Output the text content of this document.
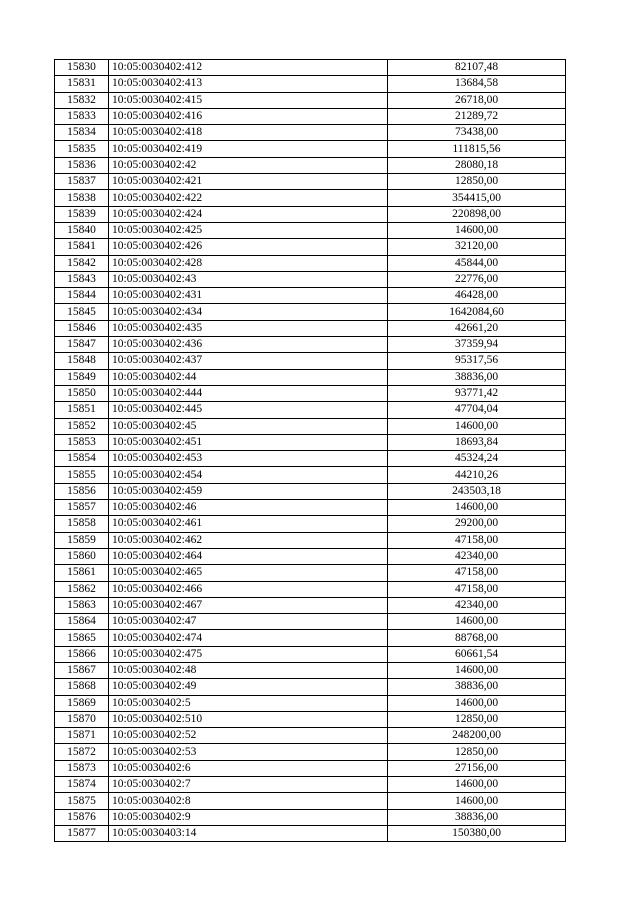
15830	10:05:0030402:412	82107,48
15831	10:05:0030402:413	13684,58
15832	10:05:0030402:415	26718,00
15833	10:05:0030402:416	21289,72
15834	10:05:0030402:418	73438,00
15835	10:05:0030402:419	111815,56
15836	10:05:0030402:42	28080,18
15837	10:05:0030402:421	12850,00
15838	10:05:0030402:422	354415,00
15839	10:05:0030402:424	220898,00
15840	10:05:0030402:425	14600,00
15841	10:05:0030402:426	32120,00
15842	10:05:0030402:428	45844,00
15843	10:05:0030402:43	22776,00
15844	10:05:0030402:431	46428,00
15845	10:05:0030402:434	1642084,60
15846	10:05:0030402:435	42661,20
15847	10:05:0030402:436	37359,94
15848	10:05:0030402:437	95317,56
15849	10:05:0030402:44	38836,00
15850	10:05:0030402:444	93771,42
15851	10:05:0030402:445	47704,04
15852	10:05:0030402:45	14600,00
15853	10:05:0030402:451	18693,84
15854	10:05:0030402:453	45324,24
15855	10:05:0030402:454	44210,26
15856	10:05:0030402:459	243503,18
15857	10:05:0030402:46	14600,00
15858	10:05:0030402:461	29200,00
15859	10:05:0030402:462	47158,00
15860	10:05:0030402:464	42340,00
15861	10:05:0030402:465	47158,00
15862	10:05:0030402:466	47158,00
15863	10:05:0030402:467	42340,00
15864	10:05:0030402:47	14600,00
15865	10:05:0030402:474	88768,00
15866	10:05:0030402:475	60661,54
15867	10:05:0030402:48	14600,00
15868	10:05:0030402:49	38836,00
15869	10:05:0030402:5	14600,00
15870	10:05:0030402:510	12850,00
15871	10:05:0030402:52	248200,00
15872	10:05:0030402:53	12850,00
15873	10:05:0030402:6	27156,00
15874	10:05:0030402:7	14600,00
15875	10:05:0030402:8	14600,00
15876	10:05:0030402:9	38836,00
15877	10:05:0030403:14	150380,00
